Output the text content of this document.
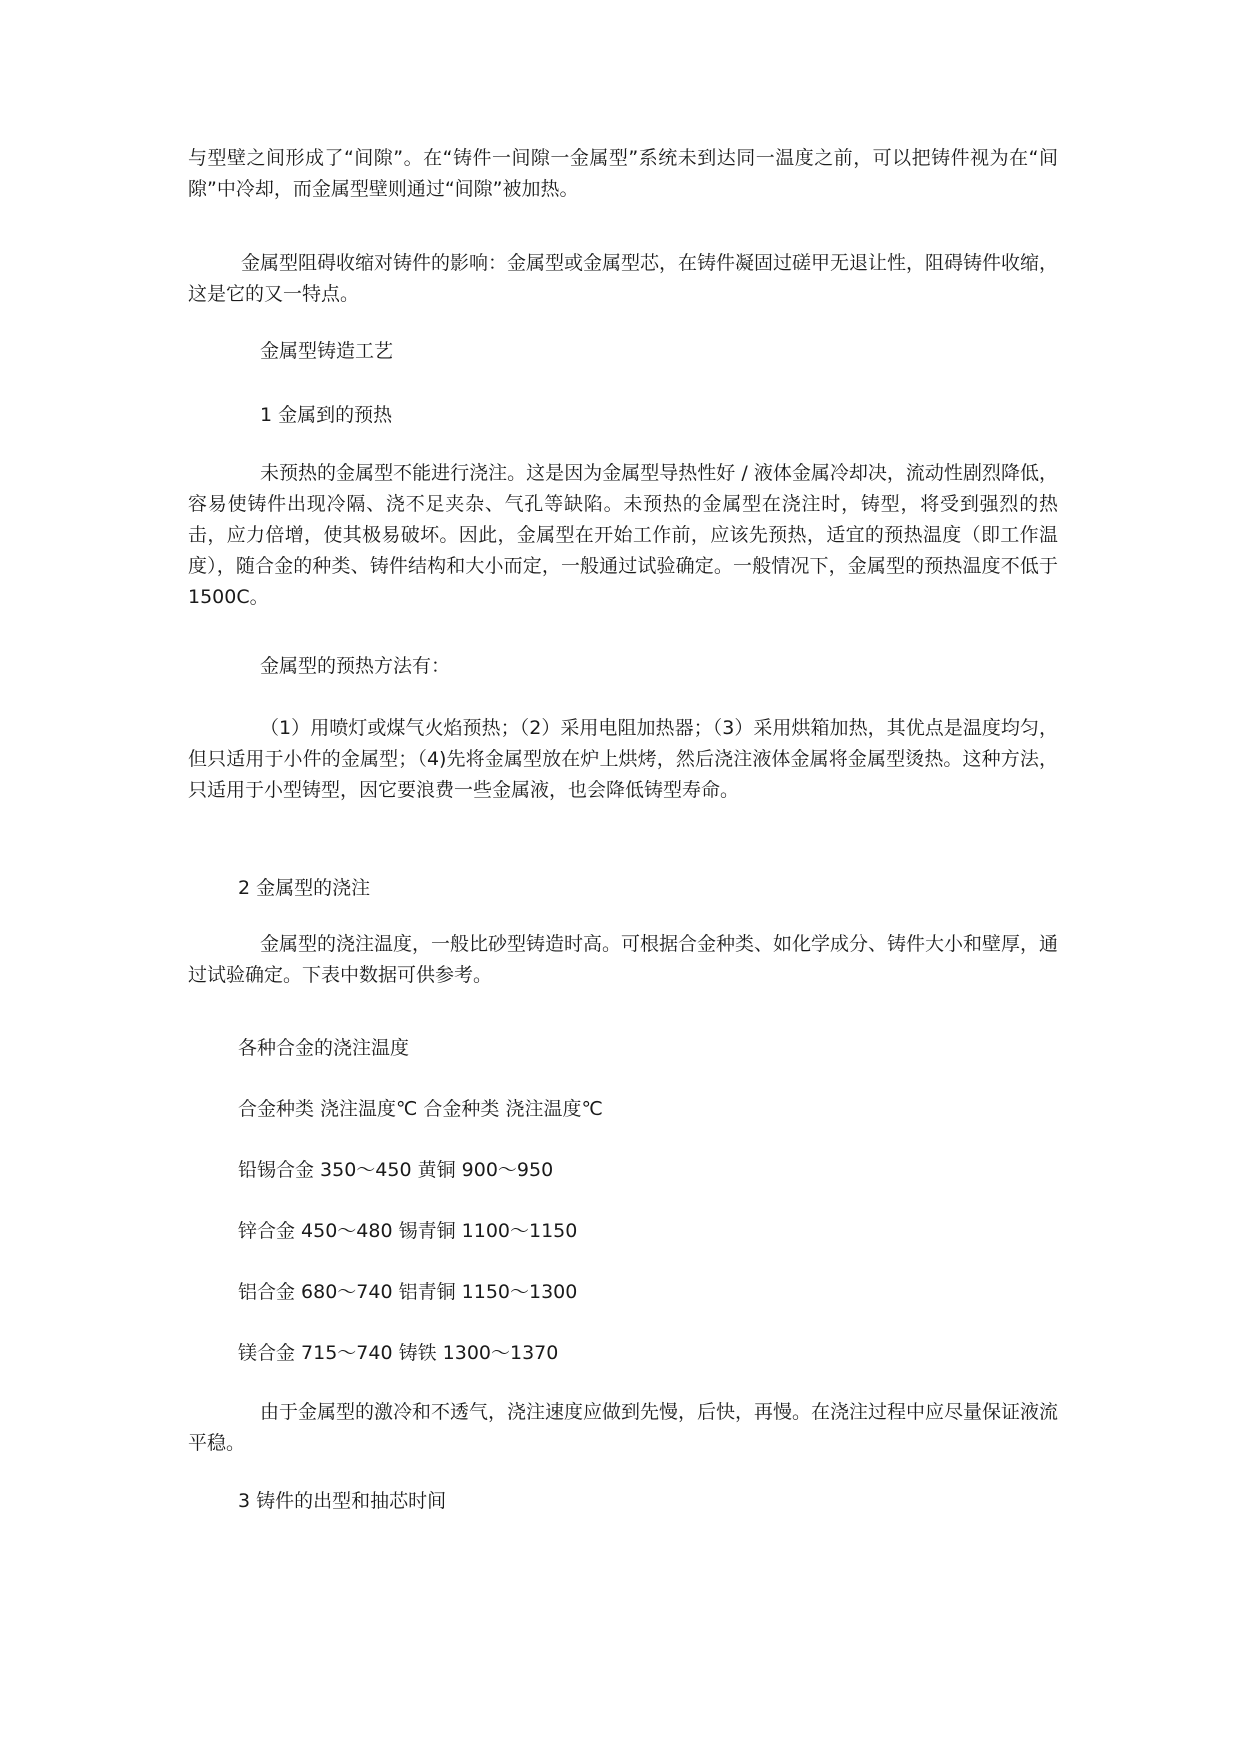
与型壁之间形成了“间隙”。在“铸件一间隙一金属型”系统未到达同一温度之前，可以把铸件视为在“间隙”中冷却，而金属型壁则通过“间隙”被加热。
金属型阻碍收缩对铸件的影响：金属型或金属型芯，在铸件凝固过磋甲无退让性，阻碍铸件收缩，这是它的又一特点。
金属型铸造工艺
1 金属到的预热
未预热的金属型不能进行浇注。这是因为金属型导热性好 / 液体金属冷却决，流动性剧烈降低，容易使铸件出现冷隔、浇不足夹杂、气孔等缺陷。未预热的金属型在浇注时，铸型，将受到强烈的热击，应力倍增，使其极易破坏。因此，金属型在开始工作前，应该先预热，适宜的预热温度（即工作温度），随合金的种类、铸件结构和大小而定，一般通过试验确定。一般情况下，金属型的预热温度不低于 1500C。
金属型的预热方法有：
（1）用喷灯或煤气火焰预热；（2）采用电阻加热器；（3）采用烘箱加热，其优点是温度均匀，但只适用于小件的金属型；（4)先将金属型放在炉上烘烤，然后浇注液体金属将金属型烫热。这种方法，只适用于小型铸型，因它要浪费一些金属液，也会降低铸型寿命。
2 金属型的浇注
金属型的浇注温度，一般比砂型铸造时高。可根据合金种类、如化学成分、铸件大小和壁厚，通过试验确定。下表中数据可供参考。
各种合金的浇注温度
合金种类 浇注温度℃ 合金种类 浇注温度℃
铅锡合金 350～450 黄铜 900～950
锌合金 450～480 锡青铜 1100～1150
铝合金 680～740 铝青铜 1150～1300
镁合金 715～740 铸铁 1300～1370
由于金属型的激冷和不透气，浇注速度应做到先慢，后快，再慢。在浇注过程中应尽量保证液流平稳。
3 铸件的出型和抽芯时间
